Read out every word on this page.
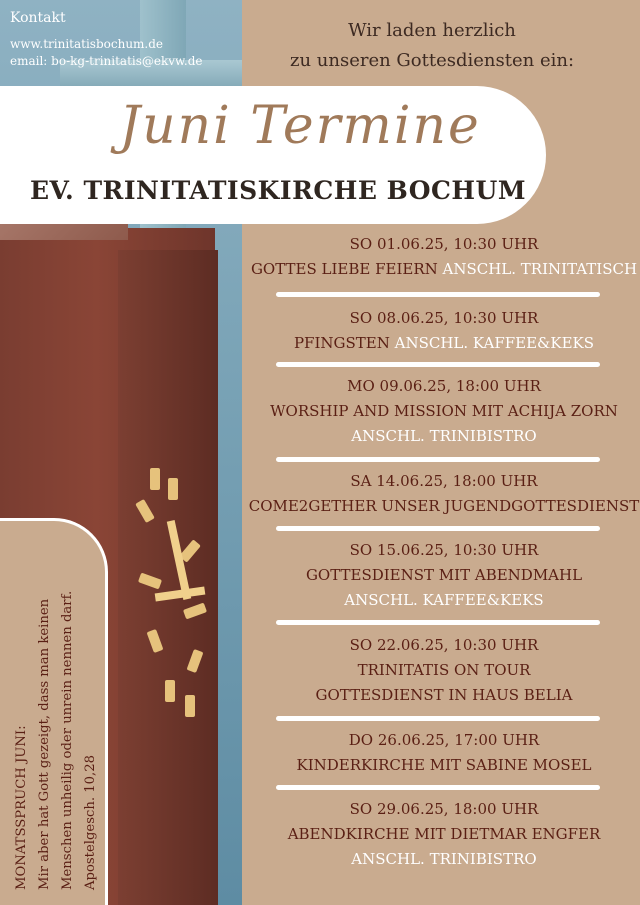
Kontakt
www.trinitatisbochum.de
email: bo-kg-trinitatis@ekvw.de
Wir laden herzlich
zu unseren Gottesdiensten ein:
Juni Termine
EV. TRINITATISKIRCHE BOCHUM
SO 01.06.25, 10:30 UHR
GOTTES LIEBE FEIERN ANSCHL. TRINITATISCH
SO 08.06.25, 10:30 UHR
PFINGSTEN ANSCHL. KAFFEE&KEKS
MO 09.06.25, 18:00 UHR
WORSHIP AND MISSION MIT ACHIJA ZORN
ANSCHL. TRINIBISTRO
SA 14.06.25, 18:00 UHR
COME2GETHER UNSER JUGENDGOTTESDIENST
SO 15.06.25, 10:30 UHR
GOTTESDIENST MIT ABENDMAHL
ANSCHL. KAFFEE&KEKS
SO 22.06.25, 10:30 UHR
TRINITATIS ON TOUR
GOTTESDIENST IN HAUS BELIA
DO 26.06.25, 17:00 UHR
KINDERKIRCHE MIT SABINE MOSEL
SO 29.06.25, 18:00 UHR
ABENDKIRCHE MIT DIETMAR ENGFER
ANSCHL. TRINIBISTRO
MONATSSPRUCH JUNI: Mir aber hat Gott gezeigt, dass man keinen Menschen unheilig oder unrein nennen darf. Apostelgesch. 10,28
